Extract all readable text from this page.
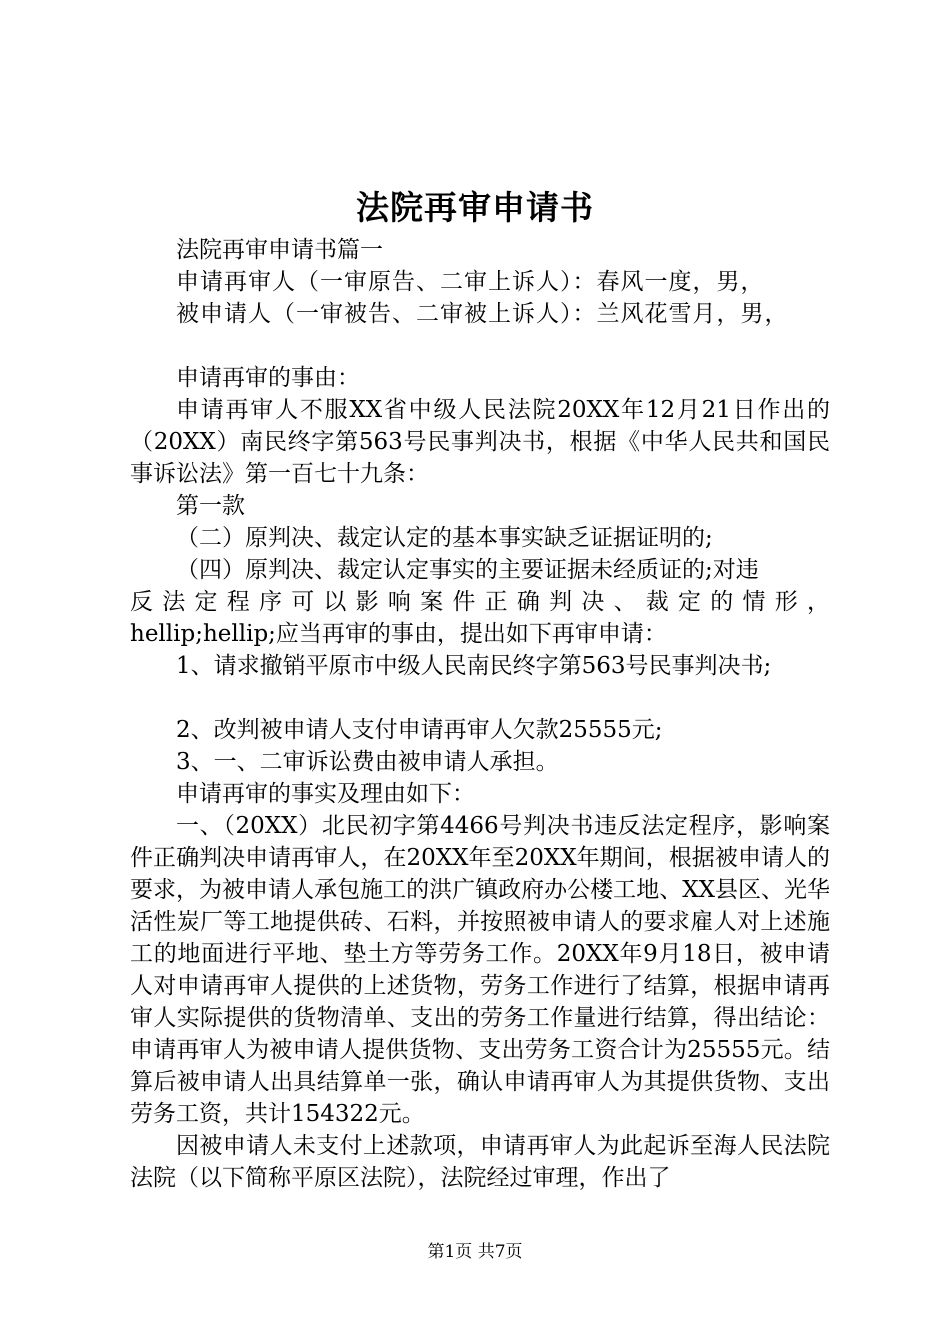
法院再审申请书

法院再审申请书篇一

申请再审人（一审原告、二审上诉人）：春风一度，男，

被申请人（一审被告、二审被上诉人）：兰风花雪月，男，

申请再审的事由：

申请再审人不服XX省中级人民法院20XX年12月21日作出的（20XX）南民终字第563号民事判决书，根据《中华人民共和国民事诉讼法》第一百七十九条：

第一款

（二）原判决、裁定认定的基本事实缺乏证据证明的;

（四）原判决、裁定认定事实的主要证据未经质证的;对违

反法定程序可以影响案件正确判决、裁定的情形，

hellip;hellip;应当再审的事由，提出如下再审申请：

1、请求撤销平原市中级人民南民终字第563号民事判决书;

2、改判被申请人支付申请再审人欠款25555元;

3、一、二审诉讼费由被申请人承担。

申请再审的事实及理由如下：

一、（20XX）北民初字第4466号判决书违反法定程序，影响案件正确判决申请再审人，在20XX年至20XX年期间，根据被申请人的要求，为被申请人承包施工的洪广镇政府办公楼工地、XX县区、光华活性炭厂等工地提供砖、石料，并按照被申请人的要求雇人对上述施工的地面进行平地、垫土方等劳务工作。20XX年9月18日，被申请人对申请再审人提供的上述货物，劳务工作进行了结算，根据申请再审人实际提供的货物清单、支出的劳务工作量进行结算，得出结论：申请再审人为被申请人提供货物、支出劳务工资合计为25555元。结算后被申请人出具结算单一张，确认申请再审人为其提供货物、支出劳务工资，共计154322元。

因被申请人未支付上述款项，申请再审人为此起诉至海人民法院法院（以下简称平原区法院），法院经过审理，作出了

第1页 共7页
